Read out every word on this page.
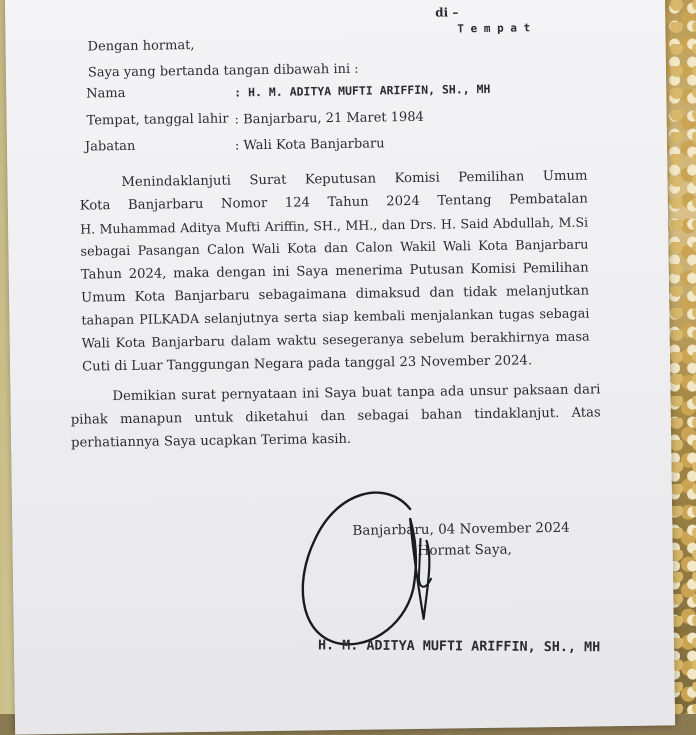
di –
T e m p a t
Dengan hormat,
Saya yang bertanda tangan dibawah ini :
Nama	: H. M. ADITYA MUFTI ARIFFIN, SH., MH
Tempat, tanggal lahir : Banjarbaru, 21 Maret 1984
Jabatan	: Wali Kota Banjarbaru
Menindaklanjuti Surat Keputusan Komisi Pemilihan Umum
Kota Banjarbaru Nomor 124 Tahun 2024 Tentang Pembatalan
H. Muhammad Aditya Mufti Ariffin, SH., MH., dan Drs. H. Said Abdullah, M.Si
sebagai Pasangan Calon Wali Kota dan Calon Wakil Wali Kota Banjarbaru
Tahun 2024, maka dengan ini Saya menerima Putusan Komisi Pemilihan
Umum Kota Banjarbaru sebagaimana dimaksud dan tidak melanjutkan
tahapan PILKADA selanjutnya serta siap kembali menjalankan tugas sebagai
Wali Kota Banjarbaru dalam waktu sesegeranya sebelum berakhirnya masa
Cuti di Luar Tanggungan Negara pada tanggal 23 November 2024.
Demikian surat pernyataan ini Saya buat tanpa ada unsur paksaan dari
pihak manapun untuk diketahui dan sebagai bahan tindaklanjut. Atas
perhatiannya Saya ucapkan Terima kasih.
Banjarbaru, 04 November 2024
Hormat Saya,
H. M. ADITYA MUFTI ARIFFIN, SH., MH
